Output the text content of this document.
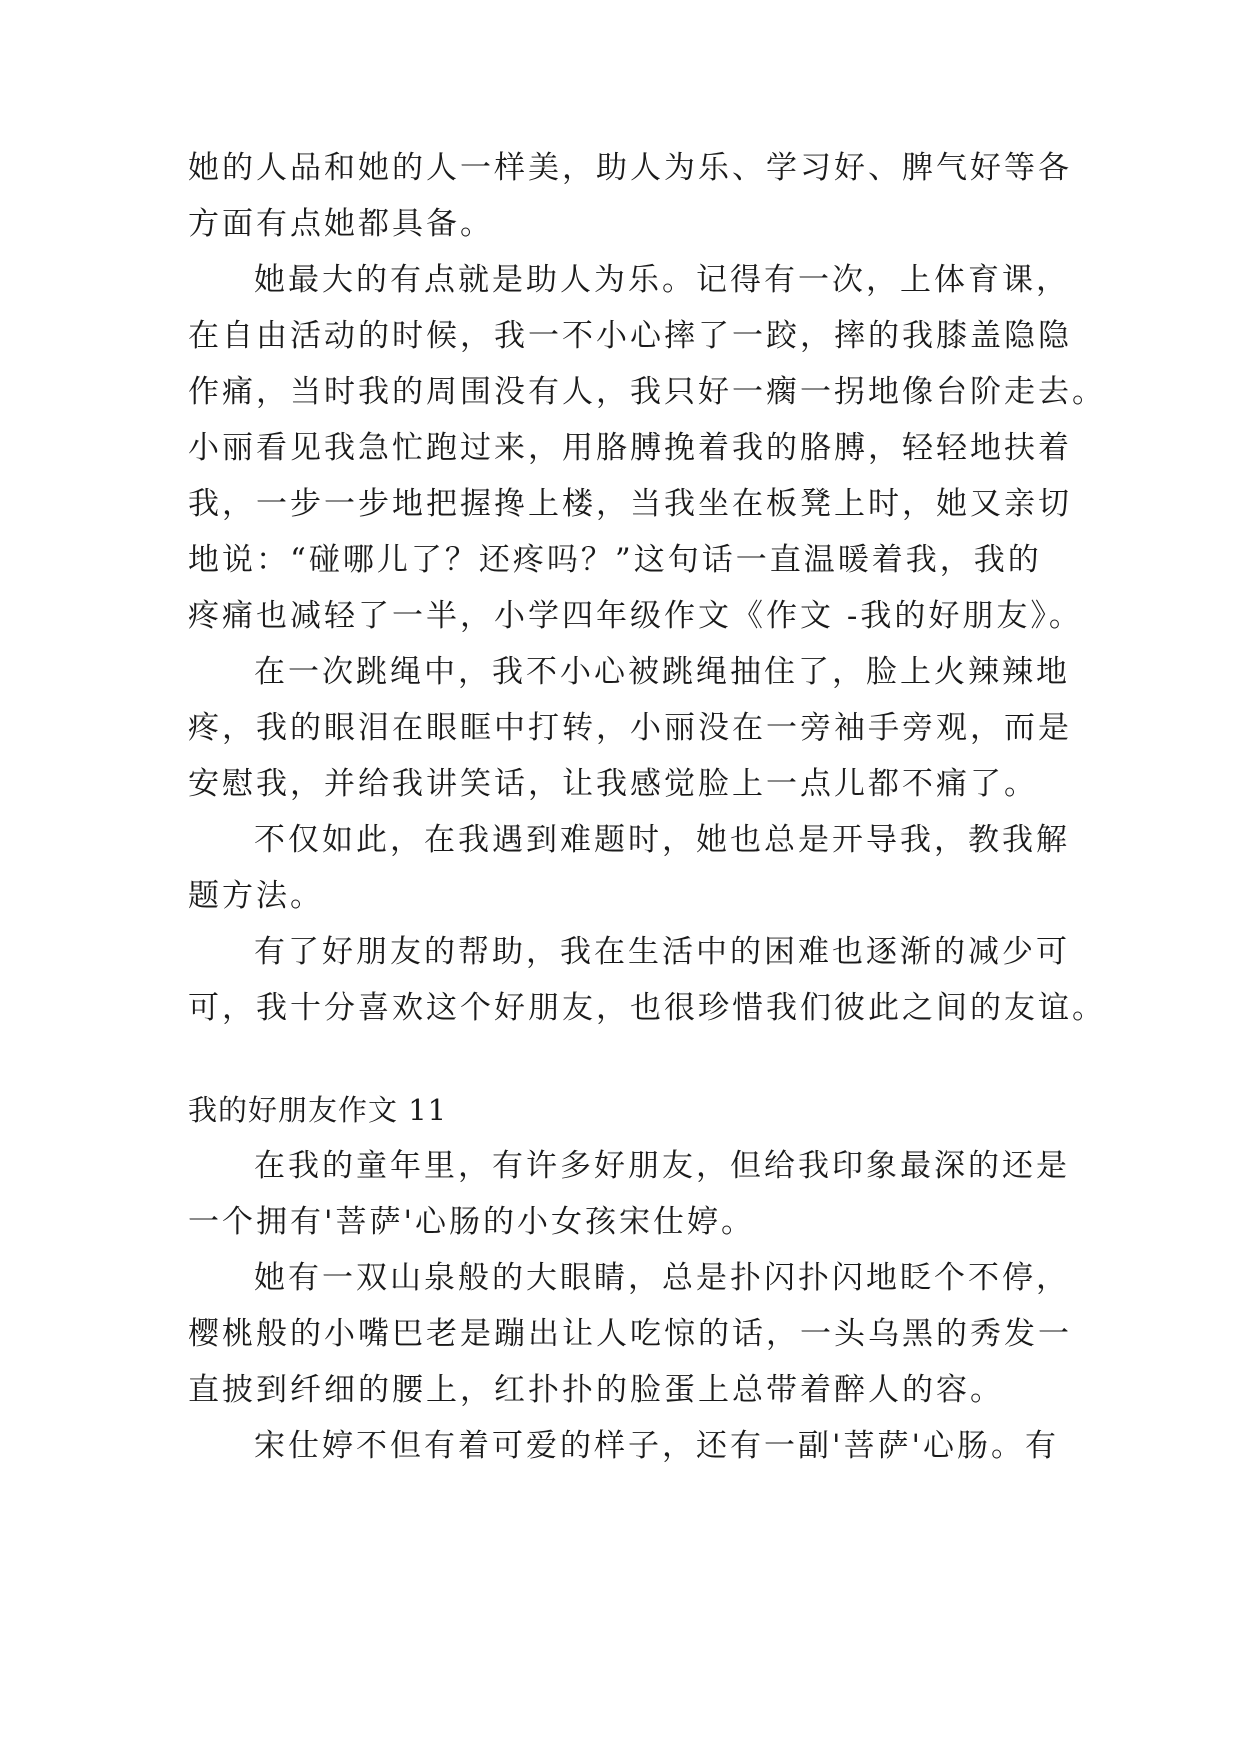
她的人品和她的人一样美，助人为乐、学习好、脾气好等各
方面有点她都具备。
她最大的有点就是助人为乐。记得有一次，上体育课，
在自由活动的时候，我一不小心摔了一跤，摔的我膝盖隐隐
作痛，当时我的周围没有人，我只好一瘸一拐地像台阶走去。
小丽看见我急忙跑过来，用胳膊挽着我的胳膊，轻轻地扶着
我，一步一步地把握搀上楼，当我坐在板凳上时，她又亲切
地说：“碰哪儿了？还疼吗？”这句话一直温暖着我，我的
疼痛也减轻了一半，小学四年级作文《作文 -我的好朋友》。
在一次跳绳中，我不小心被跳绳抽住了，脸上火辣辣地
疼，我的眼泪在眼眶中打转，小丽没在一旁袖手旁观，而是
安慰我，并给我讲笑话，让我感觉脸上一点儿都不痛了。
不仅如此，在我遇到难题时，她也总是开导我，教我解
题方法。
有了好朋友的帮助，我在生活中的困难也逐渐的减少可
可，我十分喜欢这个好朋友，也很珍惜我们彼此之间的友谊。
我的好朋友作文 11
在我的童年里，有许多好朋友，但给我印象最深的还是
一个拥有'菩萨'心肠的小女孩宋仕婷。
她有一双山泉般的大眼睛，总是扑闪扑闪地眨个不停，
樱桃般的小嘴巴老是蹦出让人吃惊的话，一头乌黑的秀发一
直披到纤细的腰上，红扑扑的脸蛋上总带着醉人的容。
宋仕婷不但有着可爱的样子，还有一副'菩萨'心肠。有
